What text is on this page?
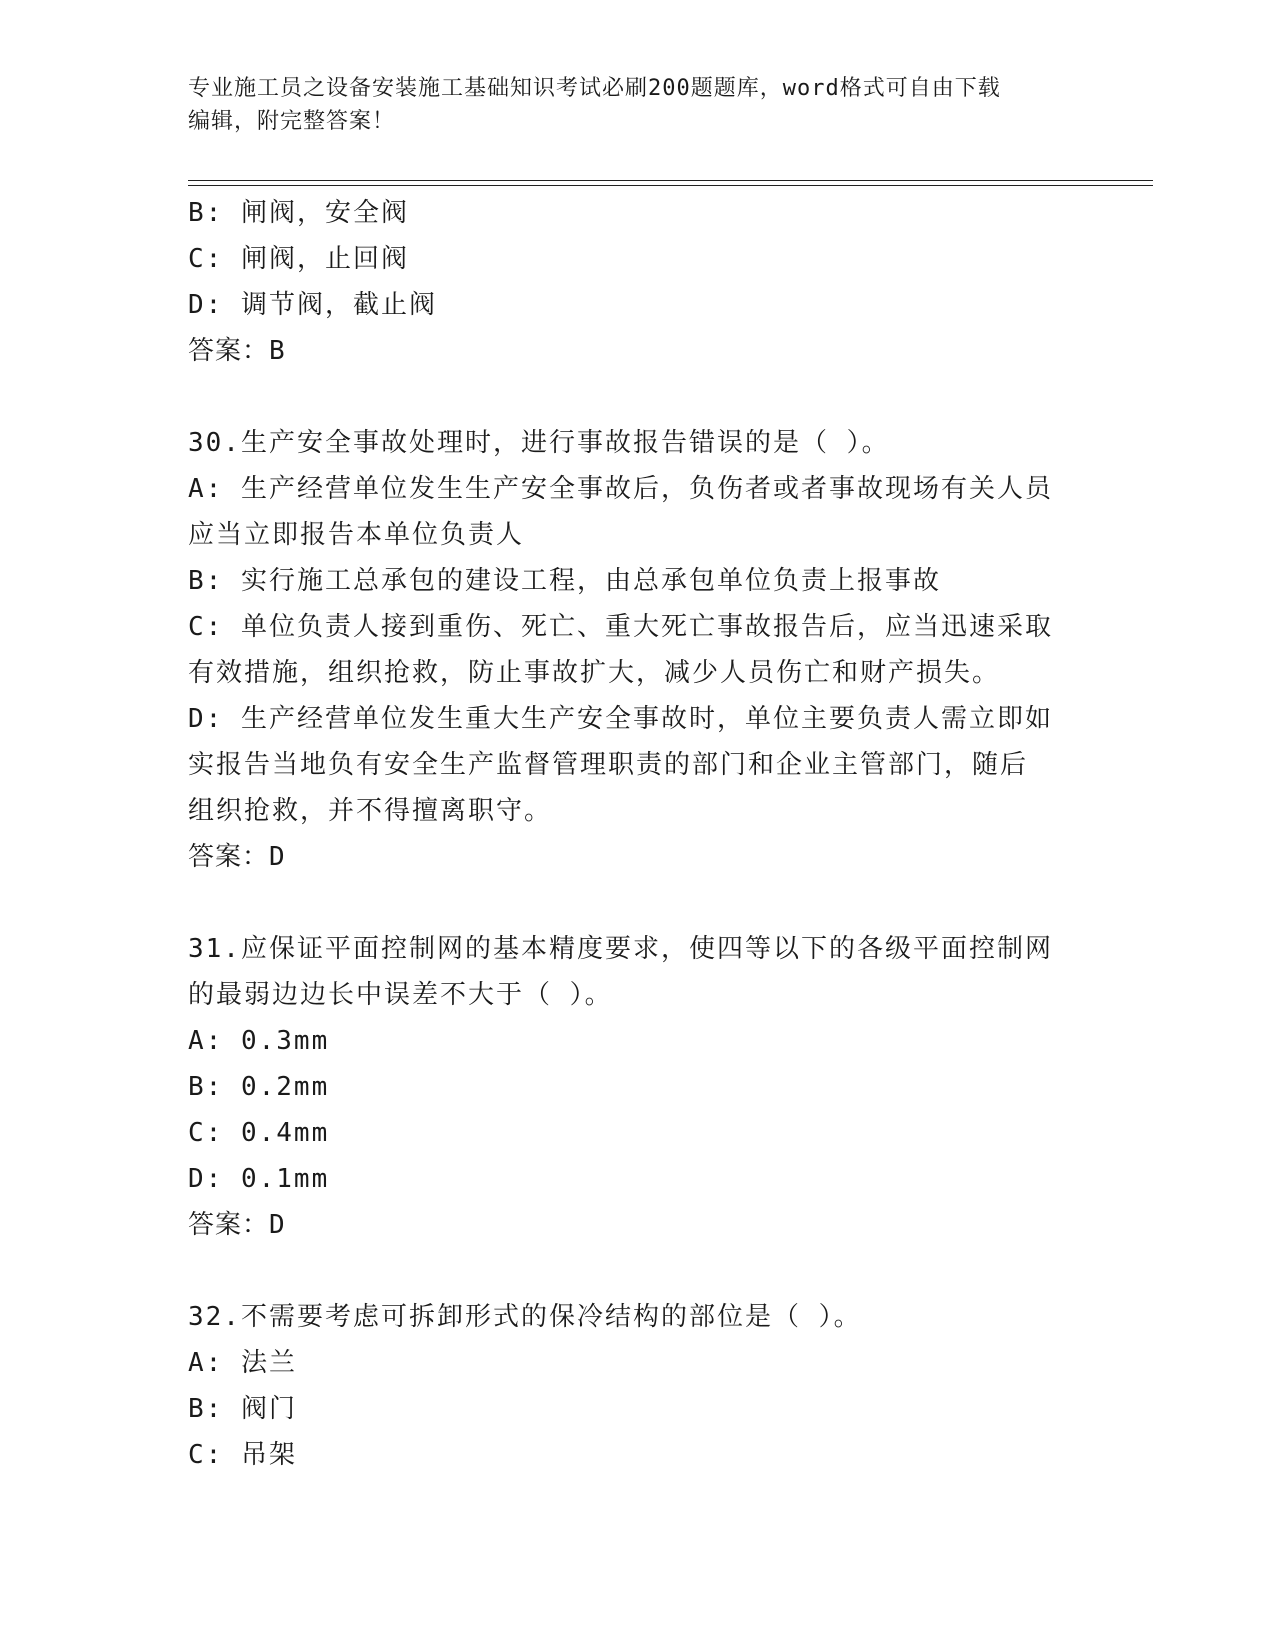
专业施工员之设备安装施工基础知识考试必刷200题题库，word格式可自由下载
编辑，附完整答案！
B: 闸阀，安全阀
C: 闸阀，止回阀
D: 调节阀，截止阀
答案：B
30.生产安全事故处理时，进行事故报告错误的是（ ）。
A: 生产经营单位发生生产安全事故后，负伤者或者事故现场有关人员
应当立即报告本单位负责人
B: 实行施工总承包的建设工程，由总承包单位负责上报事故
C: 单位负责人接到重伤、死亡、重大死亡事故报告后，应当迅速采取
有效措施，组织抢救，防止事故扩大，减少人员伤亡和财产损失。
D: 生产经营单位发生重大生产安全事故时，单位主要负责人需立即如
实报告当地负有安全生产监督管理职责的部门和企业主管部门，随后
组织抢救，并不得擅离职守。
答案：D
31.应保证平面控制网的基本精度要求，使四等以下的各级平面控制网
的最弱边边长中误差不大于（ ）。
A: 0.3mm
B: 0.2mm
C: 0.4mm
D: 0.1mm
答案：D
32.不需要考虑可拆卸形式的保冷结构的部位是（ ）。
A: 法兰
B: 阀门
C: 吊架
